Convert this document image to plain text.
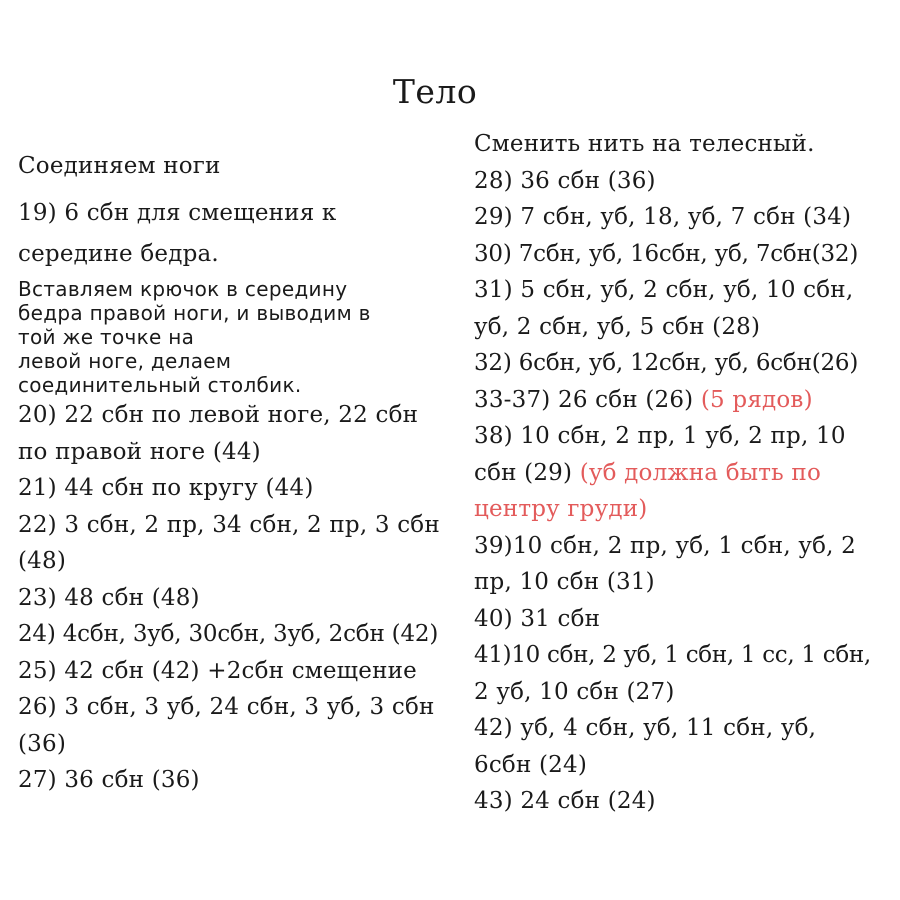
Тело
Соединяем ноги
19) 6 сбн для смещения к
середине бедра.
Вставляем крючок в середину
бедра правой ноги, и выводим в
той же точке на
левой ноге, делаем
соединительный столбик.
20) 22 сбн по левой ноге, 22 сбн
по правой ноге (44)
21) 44 сбн по кругу (44)
22) 3 сбн, 2 пр, 34 сбн, 2 пр, 3 сбн
(48)
23) 48 сбн (48)
24) 4сбн, 3уб, 30сбн, 3уб, 2сбн (42)
25) 42 сбн (42) +2сбн смещение
26) 3 сбн, 3 уб, 24 сбн, 3 уб, 3 сбн
(36)
27) 36 сбн (36)
Сменить нить на телесный.
28) 36 сбн (36)
29) 7 сбн, уб, 18, уб, 7 сбн (34)
30) 7сбн, уб, 16сбн, уб, 7сбн(32)
31) 5 сбн, уб, 2 сбн, уб, 10 сбн,
уб, 2 сбн, уб, 5 сбн (28)
32) 6сбн, уб, 12сбн, уб, 6сбн(26)
33-37) 26 сбн (26) (5 рядов)
38) 10 сбн, 2 пр, 1 уб, 2 пр, 10
сбн (29) (уб должна быть по
центру груди)
39)10 сбн, 2 пр, уб, 1 сбн, уб, 2
пр, 10 сбн (31)
40) 31 сбн
41)10 сбн, 2 уб, 1 сбн, 1 сс, 1 сбн,
2 уб, 10 сбн (27)
42) уб, 4 сбн, уб, 11 сбн, уб,
6сбн (24)
43) 24 сбн (24)
